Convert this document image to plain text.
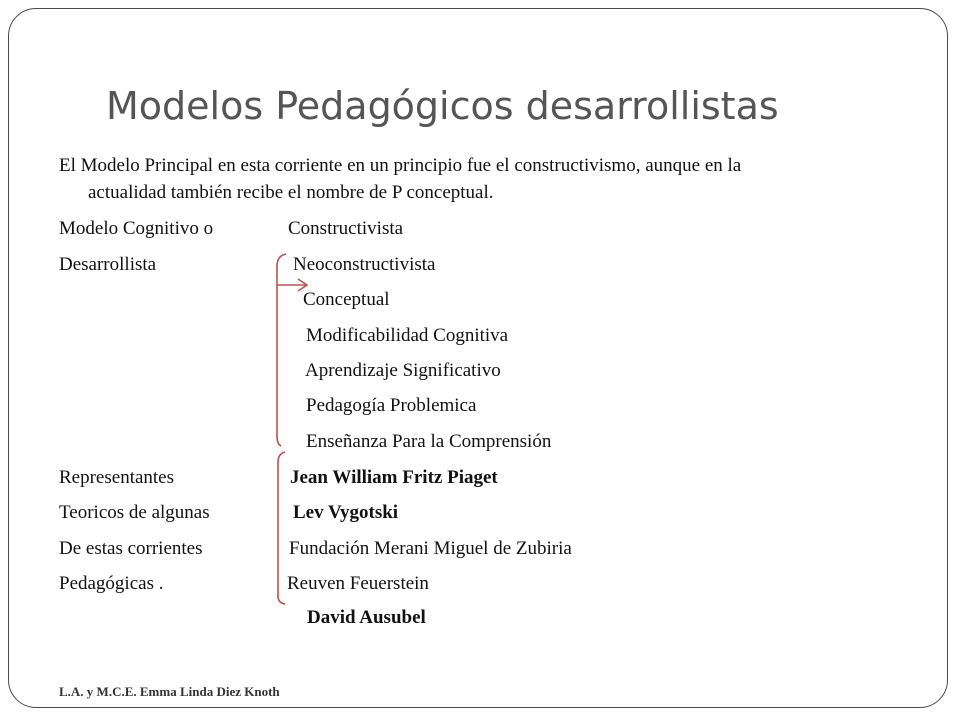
Modelos Pedagógicos desarrollistas
El Modelo Principal en esta corriente en un principio fue el constructivismo, aunque en la
actualidad también recibe el nombre de P conceptual.
Modelo Cognitivo o
Desarrollista
Constructivista
Neoconstructivista
Conceptual
Modificabilidad Cognitiva
Aprendizaje Significativo
Pedagogía Problemica
Enseñanza Para la Comprensión
Representantes
Teoricos de algunas
De estas corrientes
Pedagógicas .
Jean William Fritz Piaget
Lev Vygotski
Fundación Merani Miguel de Zubiria
Reuven Feuerstein
David Ausubel
L.A. y M.C.E. Emma Linda Diez Knoth
